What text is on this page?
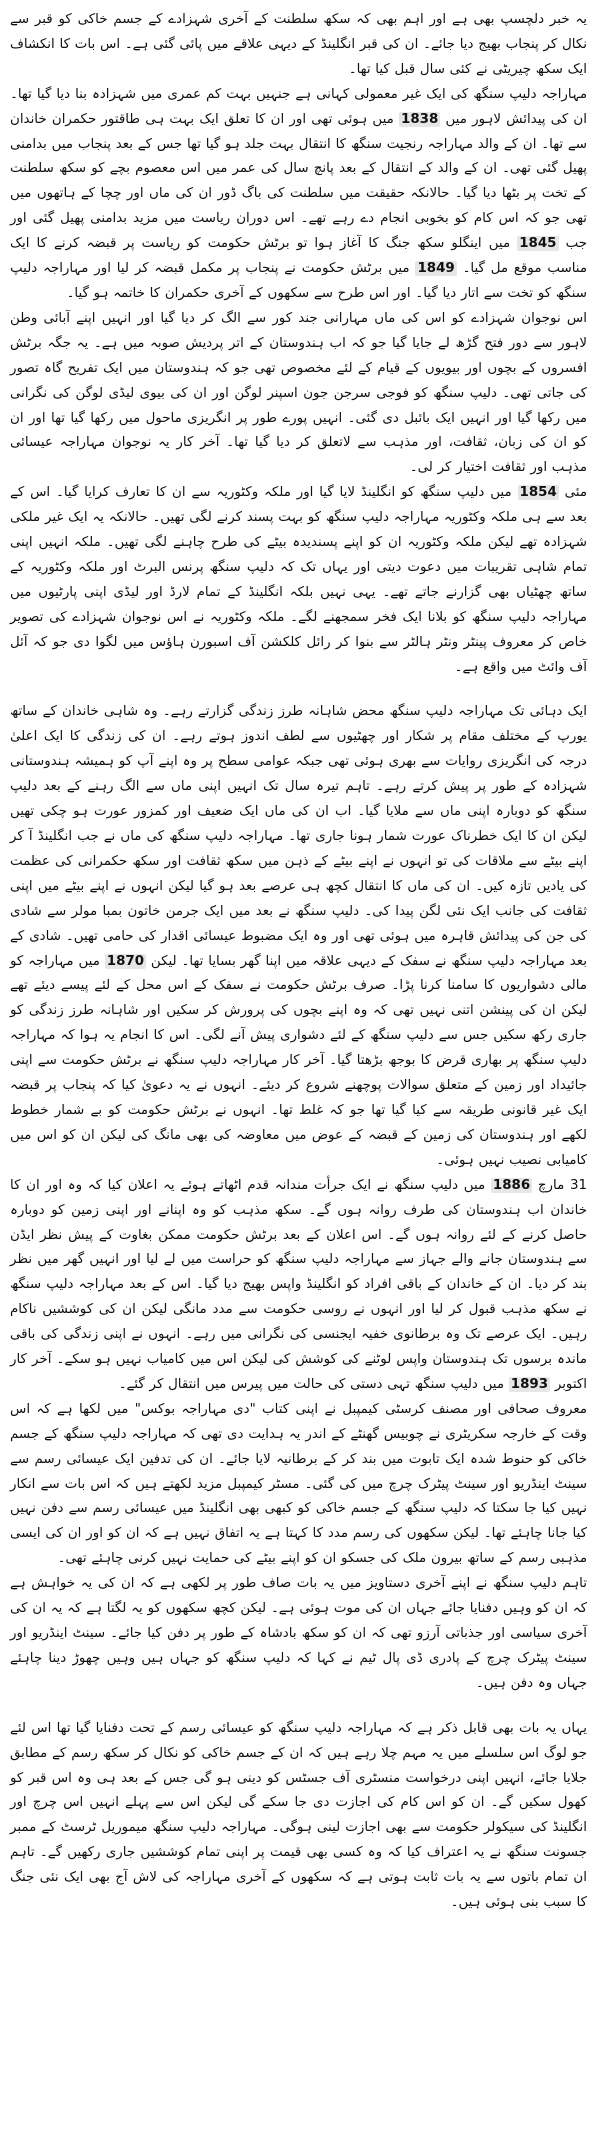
یہ خبر دلچسپ بھی ہے اور اہم بھی کہ سکھ سلطنت کے آخری شہزادے کے جسم خاکی کو قبر سے نکال کر پنجاب بھیج دیا جائے۔ ان کی قبر انگلینڈ کے دیہی علاقے میں پائی گئی ہے۔ اس بات کا انکشاف ایک سکھ چیریٹی نے کئی سال قبل کیا تھا۔

مہاراجہ دلیپ سنگھ کی ایک غیر معمولی کہانی ہے جنہیں بہت کم عمری میں شہزادہ بنا دیا گیا تھا۔ ان کی پیدائش لاہور میں 1838 میں ہوئی تھی اور ان کا تعلق ایک بہت ہی طاقتور حکمران خاندان سے تھا۔ ان کے والد مہاراجہ رنجیت سنگھ کا انتقال بہت جلد ہو گیا تھا جس کے بعد پنجاب میں بدامنی پھیل گئی تھی۔ ان کے والد کے انتقال کے بعد پانچ سال کی عمر میں اس معصوم بچے کو سکھ سلطنت کے تخت پر بٹھا دیا گیا۔ حالانکہ حقیقت میں سلطنت کی باگ ڈور ان کی ماں اور چچا کے ہاتھوں میں تھی جو کہ اس کام کو بخوبی انجام دے رہے تھے۔ اس دوران ریاست میں مزید بدامنی پھیل گئی اور جب 1845 میں اینگلو سکھ جنگ کا آغاز ہوا تو برٹش حکومت کو ریاست پر قبضہ کرنے کا ایک مناسب موقع مل گیا۔ 1849 میں برٹش حکومت نے پنجاب پر مکمل قبضہ کر لیا اور مہاراجہ دلیپ سنگھ کو تخت سے اتار دیا گیا۔ اور اس طرح سے سکھوں کے آخری حکمران کا خاتمہ ہو گیا۔

اس نوجوان شہزادے کو اس کی ماں مہارانی جند کور سے الگ کر دیا گیا اور انہیں اپنے آبائی وطن لاہور سے دور فتح گڑھ لے جایا گیا جو کہ اب ہندوستان کے اتر پردیش صوبہ میں ہے۔ یہ جگہ برٹش افسروں کے بچوں اور بیویوں کے قیام کے لئے مخصوص تھی جو کہ ہندوستان میں ایک تفریح گاہ تصور کی جاتی تھی۔ دلیپ سنگھ کو فوجی سرجن جون اسپنر لوگن اور ان کی بیوی لیڈی لوگن کی نگرانی میں رکھا گیا اور انہیں ایک بائبل دی گئی۔ انہیں پورے طور پر انگریزی ماحول میں رکھا گیا تھا اور ان کو ان کی زبان، ثقافت، اور مذہب سے لاتعلق کر دیا گیا تھا۔ آخر کار یہ نوجوان مہاراجہ عیسائی مذہب اور ثقافت اختیار کر لی۔

مئی 1854 میں دلیپ سنگھ کو انگلینڈ لایا گیا اور ملکہ وکٹوریہ سے ان کا تعارف کرایا گیا۔ اس کے بعد سے ہی ملکہ وکٹوریہ مہاراجہ دلیپ سنگھ کو بہت پسند کرنے لگی تھیں۔ حالانکہ یہ ایک غیر ملکی شہزادہ تھے لیکن ملکہ وکٹوریہ ان کو اپنے پسندیدہ بیٹے کی طرح چاہنے لگی تھیں۔ ملکہ انہیں اپنی تمام شاہی تقریبات میں دعوت دیتی اور یہاں تک کہ دلیپ سنگھ پرنس البرٹ اور ملکہ وکٹوریہ کے ساتھ چھٹیاں بھی گزارنے جاتے تھے۔ یہی نہیں بلکہ انگلینڈ کے تمام لارڈ اور لیڈی اپنی پارٹیوں میں مہاراجہ دلیپ سنگھ کو بلانا ایک فخر سمجھنے لگے۔ ملکہ وکٹوریہ نے اس نوجوان شہزادے کی تصویر خاص کر معروف پینٹر ونٹر ہالٹر سے بنوا کر رائل کلکشن آف اسبورن ہاؤس میں لگوا دی جو کہ آئل آف وائٹ میں واقع ہے۔

ایک دہائی تک مہاراجہ دلیپ سنگھ محض شاہانہ طرز زندگی گزارتے رہے۔ وہ شاہی خاندان کے ساتھ یورپ کے مختلف مقام پر شکار اور چھٹیوں سے لطف اندوز ہوتے رہے۔ ان کی زندگی کا ایک اعلیٰ درجہ کی انگریزی روایات سے بھری ہوئی تھی جبکہ عوامی سطح پر وہ اپنے آپ کو ہمیشہ ہندوستانی شہزادہ کے طور پر پیش کرتے رہے۔ تاہم تیرہ سال تک انہیں اپنی ماں سے الگ رہنے کے بعد دلیپ سنگھ کو دوبارہ اپنی ماں سے ملایا گیا۔ اب ان کی ماں ایک ضعیف اور کمزور عورت ہو چکی تھیں لیکن ان کا ایک خطرناک عورت شمار ہونا جاری تھا۔ مہاراجہ دلیپ سنگھ کی ماں نے جب انگلینڈ آ کر اپنے بیٹے سے ملاقات کی تو انہوں نے اپنے بیٹے کے ذہن میں سکھ ثقافت اور سکھ حکمرانی کی عظمت کی یادیں تازہ کیں۔ ان کی ماں کا انتقال کچھ ہی عرصے بعد ہو گیا لیکن انہوں نے اپنے بیٹے میں اپنی ثقافت کی جانب ایک نئی لگن پیدا کی۔ دلیپ سنگھ نے بعد میں ایک جرمن خاتون بمبا مولر سے شادی کی جن کی پیدائش قاہرہ میں ہوئی تھی اور وہ ایک مضبوط عیسائی اقدار کی حامی تھیں۔ شادی کے بعد مہاراجہ دلیپ سنگھ نے سفک کے دیہی علاقہ میں اپنا گھر بسایا تھا۔ لیکن 1870 میں مہاراجہ کو مالی دشواریوں کا سامنا کرنا پڑا۔ صرف برٹش حکومت نے سفک کے اس محل کے لئے پیسے دیئے تھے لیکن ان کی پینشن اتنی نہیں تھی کہ وہ اپنے بچوں کی پرورش کر سکیں اور شاہانہ طرز زندگی کو جاری رکھ سکیں جس سے دلیپ سنگھ کے لئے دشواری پیش آنے لگی۔ اس کا انجام یہ ہوا کہ مہاراجہ دلیپ سنگھ پر بھاری قرض کا بوجھ بڑھتا گیا۔ آخر کار مہاراجہ دلیپ سنگھ نے برٹش حکومت سے اپنی جائیداد اور زمین کے متعلق سوالات پوچھنے شروع کر دیئے۔ انہوں نے یہ دعویٰ کیا کہ پنجاب پر قبضہ ایک غیر قانونی طریقہ سے کیا گیا تھا جو کہ غلط تھا۔ انہوں نے برٹش حکومت کو بے شمار خطوط لکھے اور ہندوستان کی زمین کے قبضہ کے عوض میں معاوضہ کی بھی مانگ کی لیکن ان کو اس میں کامیابی نصیب نہیں ہوئی۔

31 مارچ 1886 میں دلیپ سنگھ نے ایک جرأت مندانہ قدم اٹھاتے ہوئے یہ اعلان کیا کہ وہ اور ان کا خاندان اب ہندوستان کی طرف روانہ ہوں گے۔ سکھ مذہب کو وہ اپنانے اور اپنی زمین کو دوبارہ حاصل کرنے کے لئے روانہ ہوں گے۔ اس اعلان کے بعد برٹش حکومت ممکن بغاوت کے پیش نظر ایڈن سے ہندوستان جانے والے جہاز سے مہاراجہ دلیپ سنگھ کو حراست میں لے لیا اور انہیں گھر میں نظر بند کر دیا۔ ان کے خاندان کے باقی افراد کو انگلینڈ واپس بھیج دیا گیا۔ اس کے بعد مہاراجہ دلیپ سنگھ نے سکھ مذہب قبول کر لیا اور انہوں نے روسی حکومت سے مدد مانگی لیکن ان کی کوششیں ناکام رہیں۔ ایک عرصے تک وہ برطانوی خفیہ ایجنسی کی نگرانی میں رہے۔ انہوں نے اپنی زندگی کی باقی ماندہ برسوں تک ہندوستان واپس لوٹنے کی کوشش کی لیکن اس میں کامیاب نہیں ہو سکے۔ آخر کار اکتوبر 1893 میں دلیپ سنگھ تہی دستی کی حالت میں پیرس میں انتقال کر گئے۔

معروف صحافی اور مصنف کرسٹی کیمپبل نے اپنی کتاب "دی مہاراجہ بوکس" میں لکھا ہے کہ اس وقت کے خارجہ سکریٹری نے چوبیس گھنٹے کے اندر یہ ہدایت دی تھی کہ مہاراجہ دلیپ سنگھ کے جسم خاکی کو حنوط شدہ ایک تابوت میں بند کر کے برطانیہ لایا جائے۔ ان کی تدفین ایک عیسائی رسم سے سینٹ اینڈریو اور سینٹ پیٹرک چرچ میں کی گئی۔ مسٹر کیمپبل مزید لکھتے ہیں کہ اس بات سے انکار نہیں کیا جا سکتا کہ دلیپ سنگھ کے جسم خاکی کو کبھی بھی انگلینڈ میں عیسائی رسم سے دفن نہیں کیا جانا چاہئے تھا۔ لیکن سکھوں کی رسم مدد کا کہتا ہے یہ اتفاق نہیں ہے کہ ان کو اور ان کی ایسی مذہبی رسم کے ساتھ بیرون ملک کی جسکو ان کو اپنے بیٹے کی حمایت نہیں کرنی چاہئے تھی۔

تاہم دلیپ سنگھ نے اپنے آخری دستاویز میں یہ بات صاف طور پر لکھی ہے کہ ان کی یہ خواہش ہے کہ ان کو وہیں دفنایا جائے جہاں ان کی موت ہوئی ہے۔ لیکن کچھ سکھوں کو یہ لگتا ہے کہ یہ ان کی آخری سیاسی اور جذباتی آرزو تھی کہ ان کو سکھ بادشاہ کے طور پر دفن کیا جائے۔ سینٹ اینڈریو اور سینٹ پیٹرک چرچ کے پادری ڈی پال ٹیم نے کہا کہ دلیپ سنگھ کو جہاں ہیں وہیں چھوڑ دینا چاہئے جہاں وہ دفن ہیں۔

یہاں یہ بات بھی قابل ذکر ہے کہ مہاراجہ دلیپ سنگھ کو عیسائی رسم کے تحت دفنایا گیا تھا اس لئے جو لوگ اس سلسلے میں یہ مہم چلا رہے ہیں کہ ان کے جسم خاکی کو نکال کر سکھ رسم کے مطابق جلایا جائے، انہیں اپنی درخواست منسٹری آف جسٹس کو دینی ہو گی جس کے بعد ہی وہ اس قبر کو کھول سکیں گے۔ ان کو اس کام کی اجازت دی جا سکے گی لیکن اس سے پہلے انہیں اس چرچ اور انگلینڈ کی سیکولر حکومت سے بھی اجازت لینی ہوگی۔ مہاراجہ دلیپ سنگھ میموریل ٹرسٹ کے ممبر جسونت سنگھ نے یہ اعتراف کیا کہ وہ کسی بھی قیمت پر اپنی تمام کوششیں جاری رکھیں گے۔ تاہم ان تمام باتوں سے یہ بات ثابت ہوتی ہے کہ سکھوں کے آخری مہاراجہ کی لاش آج بھی ایک نئی جنگ کا سبب بنی ہوئی ہیں۔
